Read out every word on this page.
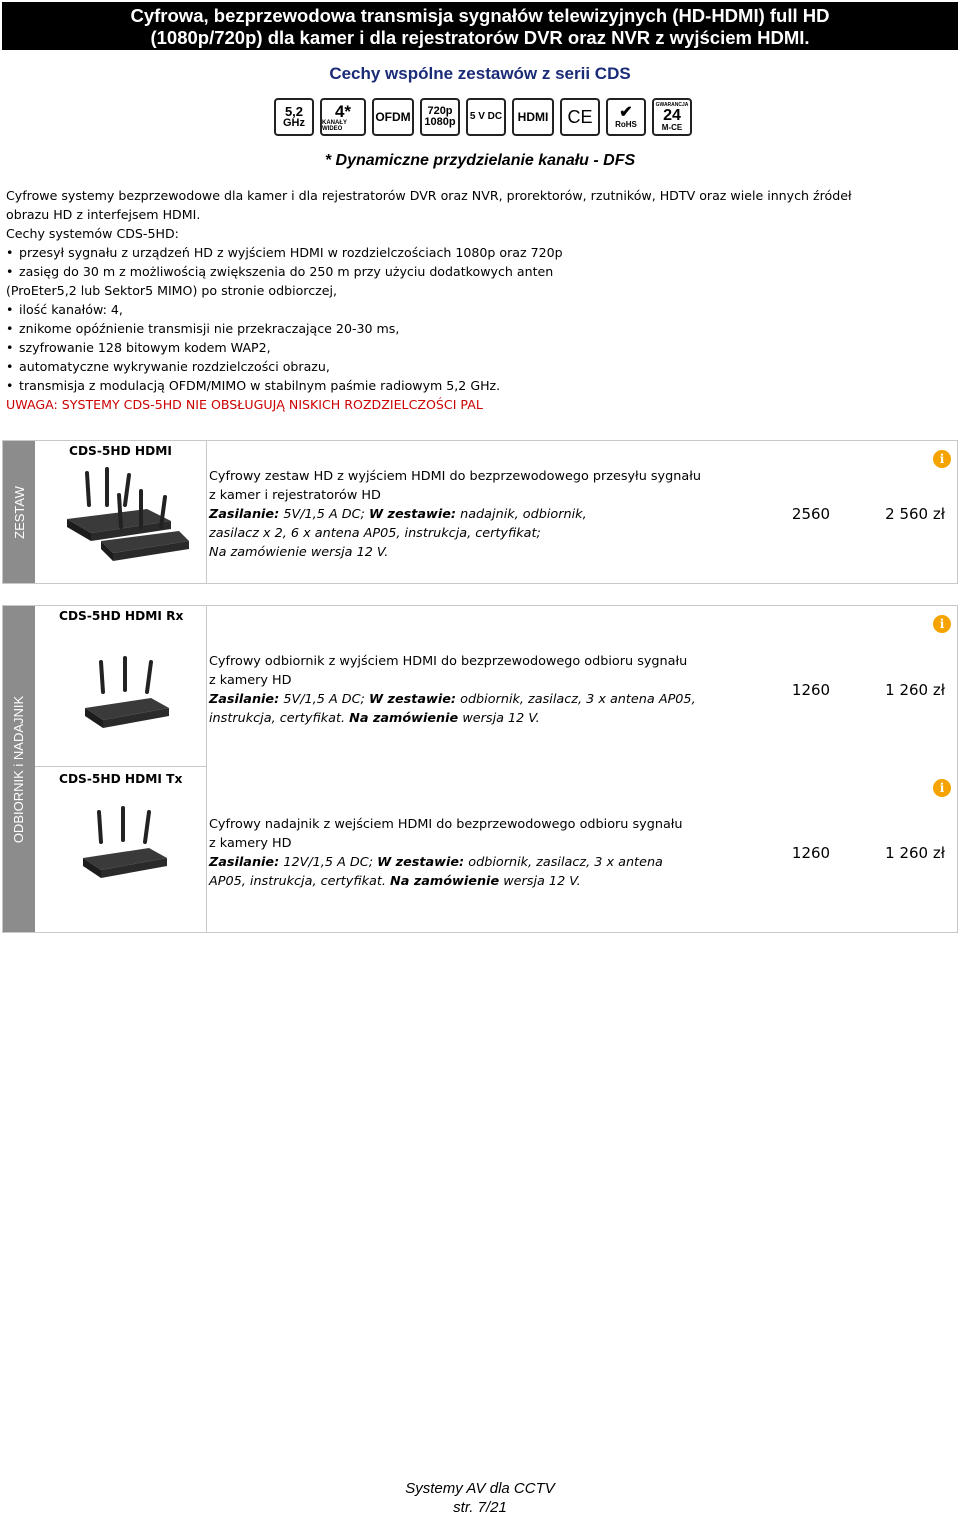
Cyfrowa, bezprzewodowa transmisja sygnałów telewizyjnych (HD-HDMI) full HD
(1080p/720p) dla kamer i dla rejestratorów DVR oraz NVR z wyjściem HDMI.
Cechy wspólne zestawów z serii CDS
5,2
GHz
4*
KANAŁY WIDEO
OFDM 720p
1080p 5 V DC HDMI CE ✔
RoHS
GWARANCJA
24
M-CE
* Dynamiczne przydzielanie kanału - DFS
Cyfrowe systemy bezprzewodowe dla kamer i dla rejestratorów DVR oraz NVR, prorektorów, rzutników, HDTV oraz wiele innych źródeł
obrazu HD z interfejsem HDMI.
Cechy systemów CDS-5HD:
• przesył sygnału z urządzeń HD z wyjściem HDMI w rozdzielczościach 1080p oraz 720p
• zasięg do 30 m z możliwością zwiększenia do 250 m przy użyciu dodatkowych anten
(ProEter5,2 lub Sektor5 MIMO) po stronie odbiorczej,
• ilość kanałów: 4,
• znikome opóźnienie transmisji nie przekraczające 20-30 ms,
• szyfrowanie 128 bitowym kodem WAP2,
• automatyczne wykrywanie rozdzielczości obrazu,
• transmisja z modulacją OFDM/MIMO w stabilnym paśmie radiowym 5,2 GHz.
UWAGA: SYSTEMY CDS-5HD NIE OBSŁUGUJĄ NISKICH ROZDZIELCZOŚCI PAL
ZESTAW
CDS-5HD HDMI
Cyfrowy zestaw HD z wyjściem HDMI do bezprzewodowego przesyłu sygnału
z kamer i rejestratorów HD
Zasilanie: 5V/1,5 A DC; W zestawie: nadajnik, odbiornik,
zasilacz x 2, 6 x antena AP05, instrukcja, certyfikat;
Na zamówienie wersja 12 V.
i
2560	2 560 zł
ODBIORNIK i NADAJNIK
CDS-5HD HDMI Rx
Cyfrowy odbiornik z wyjściem HDMI do bezprzewodowego odbioru sygnału
z kamery HD
Zasilanie: 5V/1,5 A DC; W zestawie: odbiornik, zasilacz, 3 x antena AP05,
instrukcja, certyfikat. Na zamówienie wersja 12 V.
i
1260	1 260 zł
CDS-5HD HDMI Tx
Cyfrowy nadajnik z wejściem HDMI do bezprzewodowego odbioru sygnału
z kamery HD
Zasilanie: 12V/1,5 A DC; W zestawie: odbiornik, zasilacz, 3 x antena
AP05, instrukcja, certyfikat. Na zamówienie wersja 12 V.
i
1260	1 260 zł
Systemy AV dla CCTV
str. 7/21
